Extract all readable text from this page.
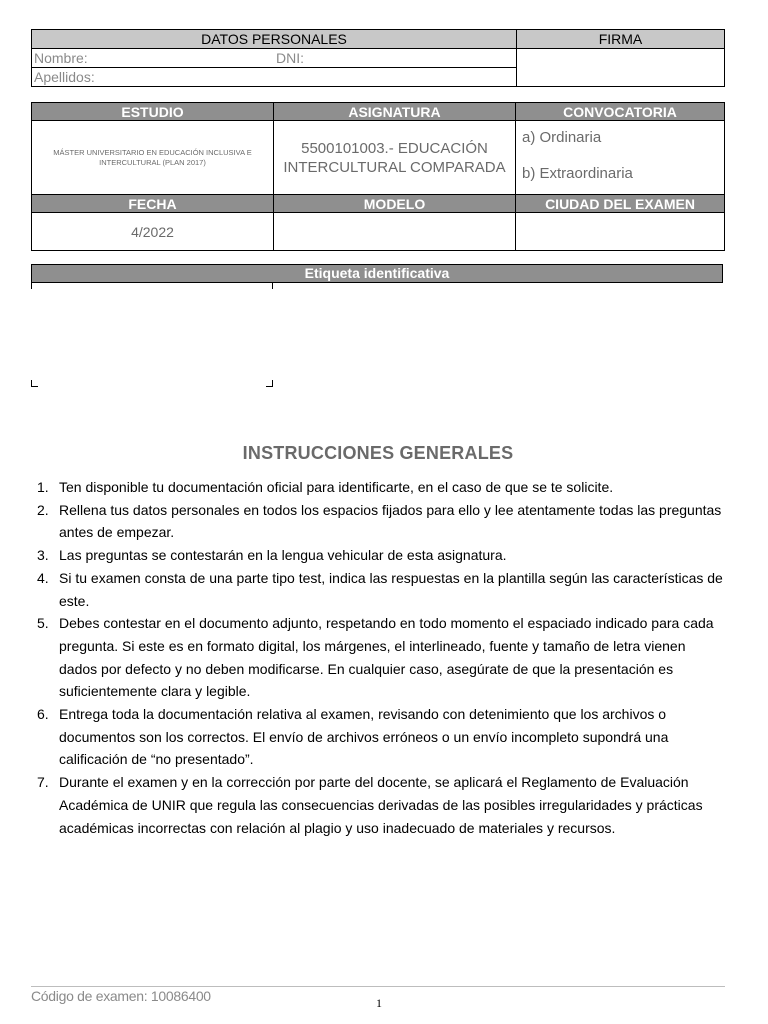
DATOS PERSONALES	FIRMA
Nombre: DNI:	

Apellidos:	
ESTUDIO	ASIGNATURA	CONVOCATORIA
MÁSTER UNIVERSITARIO EN EDUCACIÓN INCLUSIVA E INTERCULTURAL (PLAN 2017)	5500101003.- EDUCACIÓN INTERCULTURAL COMPARADA	a) Ordinaria
b) Extraordinaria

FECHA	MODELO	CIUDAD DEL EXAMEN
4/2022		
Etiqueta identificativa
INSTRUCCIONES GENERALES
1. Ten disponible tu documentación oficial para identificarte, en el caso de que se te solicite.
2. Rellena tus datos personales en todos los espacios fijados para ello y lee atentamente todas las preguntas antes de empezar.
3. Las preguntas se contestarán en la lengua vehicular de esta asignatura.
4. Si tu examen consta de una parte tipo test, indica las respuestas en la plantilla según las características de este.
5. Debes contestar en el documento adjunto, respetando en todo momento el espaciado indicado para cada pregunta. Si este es en formato digital, los márgenes, el interlineado, fuente y tamaño de letra vienen dados por defecto y no deben modificarse. En cualquier caso, asegúrate de que la presentación es suficientemente clara y legible.
6. Entrega toda la documentación relativa al examen, revisando con detenimiento que los archivos o documentos son los correctos. El envío de archivos erróneos o un envío incompleto supondrá una calificación de “no presentado”.
7. Durante el examen y en la corrección por parte del docente, se aplicará el Reglamento de Evaluación Académica de UNIR que regula las consecuencias derivadas de las posibles irregularidades y prácticas académicas incorrectas con relación al plagio y uso inadecuado de materiales y recursos.
Código de examen: 10086400	1
